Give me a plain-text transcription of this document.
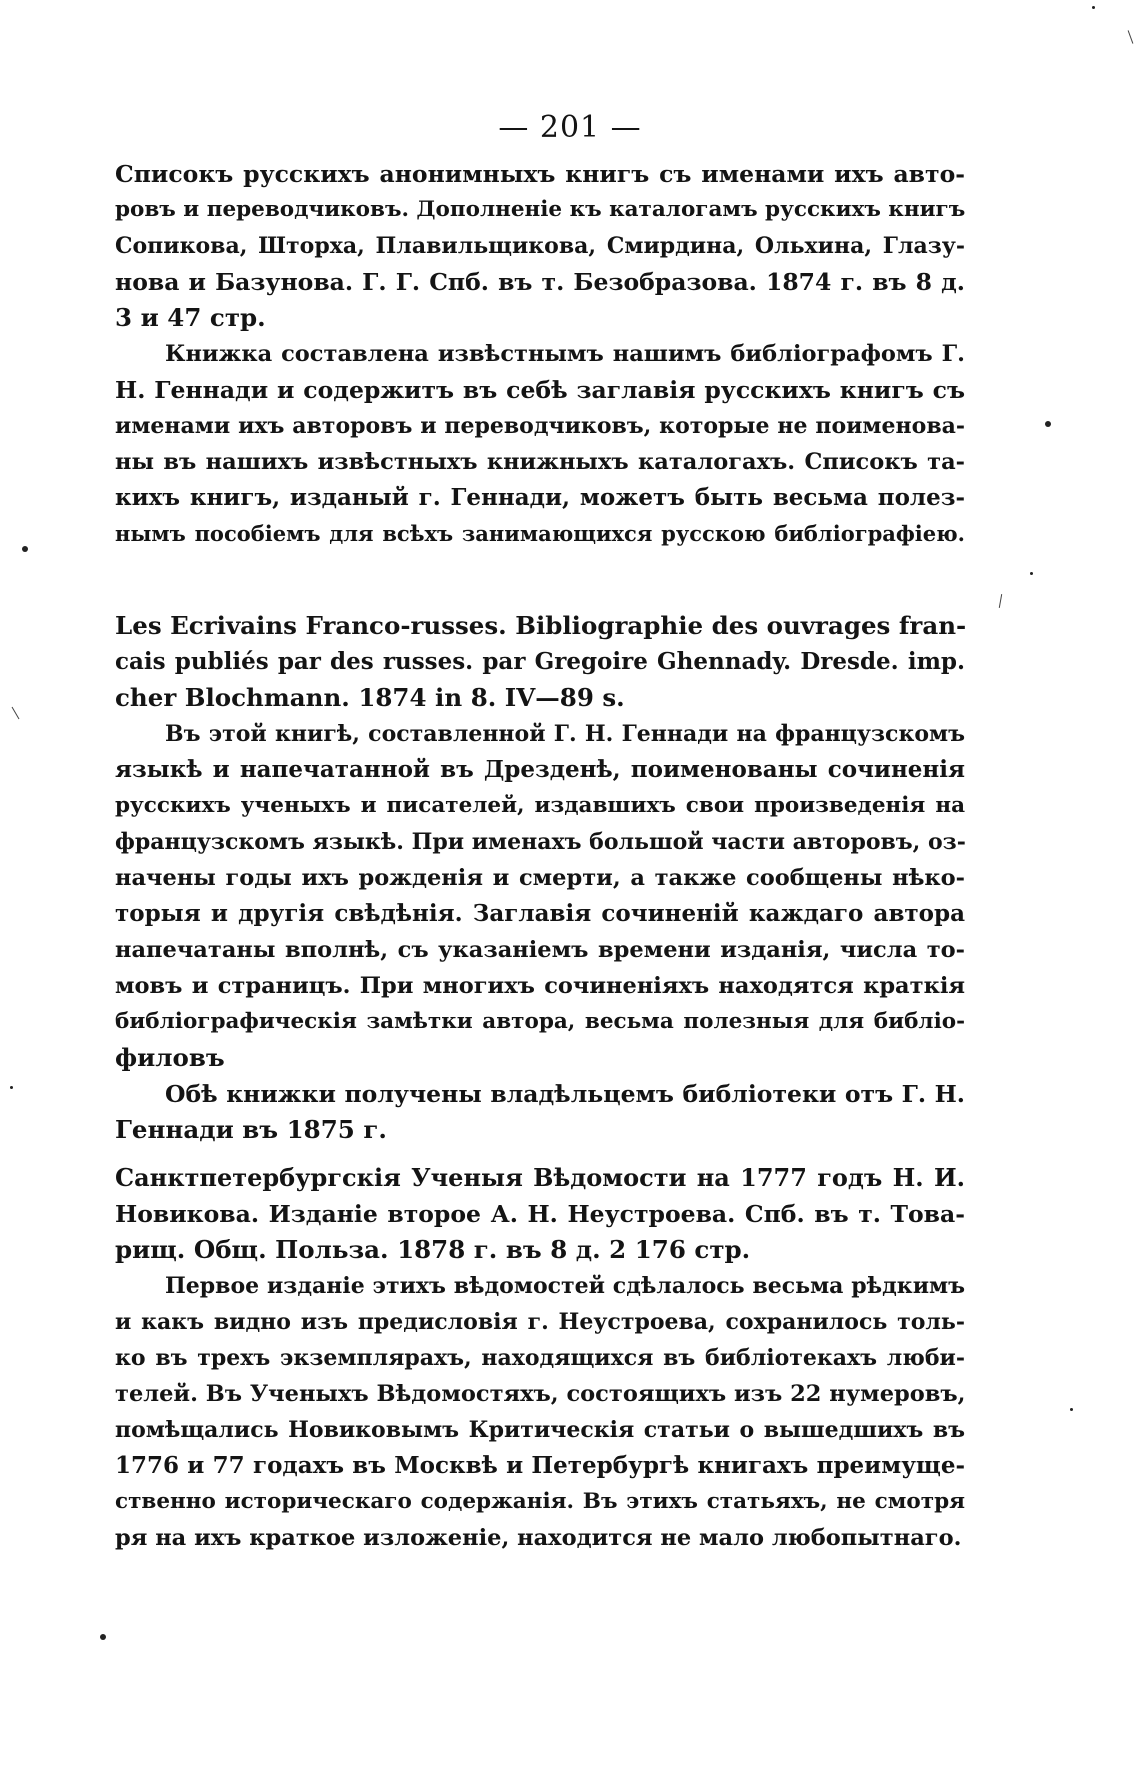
— 201 —
Списокъ русскихъ анонимныхъ книгъ съ именами ихъ авто-
ровъ и переводчиковъ. Дополненіе къ каталогамъ русскихъ книгъ
Сопикова, Шторха, Плавильщикова, Смирдина, Ольхина, Глазу-
нова и Базунова. Г. Г. Спб. въ т. Безобразова. 1874 г. въ 8 д.
3 и 47 стр.
Книжка составлена извѣстнымъ нашимъ библіографомъ Г.
Н. Геннади и содержитъ въ себѣ заглавія русскихъ книгъ съ
именами ихъ авторовъ и переводчиковъ, которые не поименова-
ны въ нашихъ извѣстныхъ книжныхъ каталогахъ. Списокъ та-
кихъ книгъ, изданый г. Геннади, можетъ быть весьма полез-
нымъ пособіемъ для всѣхъ занимающихся русскою библіографіею.
Les Ecrivains Franco-russes. Bibliographie des ouvrages fran-
cais publiés par des russes. par Gregoire Ghennady. Dresde. imp.
cher Blochmann. 1874 in 8. IV—89 s.
Въ этой книгѣ, составленной Г. Н. Геннади на французскомъ
языкѣ и напечатанной въ Дрезденѣ, поименованы сочиненія
русскихъ ученыхъ и писателей, издавшихъ свои произведенія на
французскомъ языкѣ. При именахъ большой части авторовъ, оз-
начены годы ихъ рожденія и смерти, а также сообщены нѣко-
торыя и другія свѣдѣнія. Заглавія сочиненій каждаго автора
напечатаны вполнѣ, съ указаніемъ времени изданія, числа то-
мовъ и страницъ. При многихъ сочиненіяхъ находятся краткія
библіографическія замѣтки автора, весьма полезныя для библіо-
филовъ
Обѣ книжки получены владѣльцемъ библіотеки отъ Г. Н.
Геннади въ 1875 г.
Санктпетербургскія Ученыя Вѣдомости на 1777 годъ Н. И.
Новикова. Изданіе второе А. Н. Неустроева. Спб. въ т. Това-
рищ. Общ. Польза. 1878 г. въ 8 д. 2 176 стр.
Первое изданіе этихъ вѣдомостей сдѣлалось весьма рѣдкимъ
и какъ видно изъ предисловія г. Неустроева, сохранилось толь-
ко въ трехъ экземплярахъ, находящихся въ библіотекахъ люби-
телей. Въ Ученыхъ Вѣдомостяхъ, состоящихъ изъ 22 нумеровъ,
помѣщались Новиковымъ Критическія статьи о вышедшихъ въ
1776 и 77 годахъ въ Москвѣ и Петербургѣ книгахъ преимуще-
ственно историческаго содержанія. Въ этихъ статьяхъ, не смотря
ря на ихъ краткое изложеніе, находится не мало любопытнаго.
